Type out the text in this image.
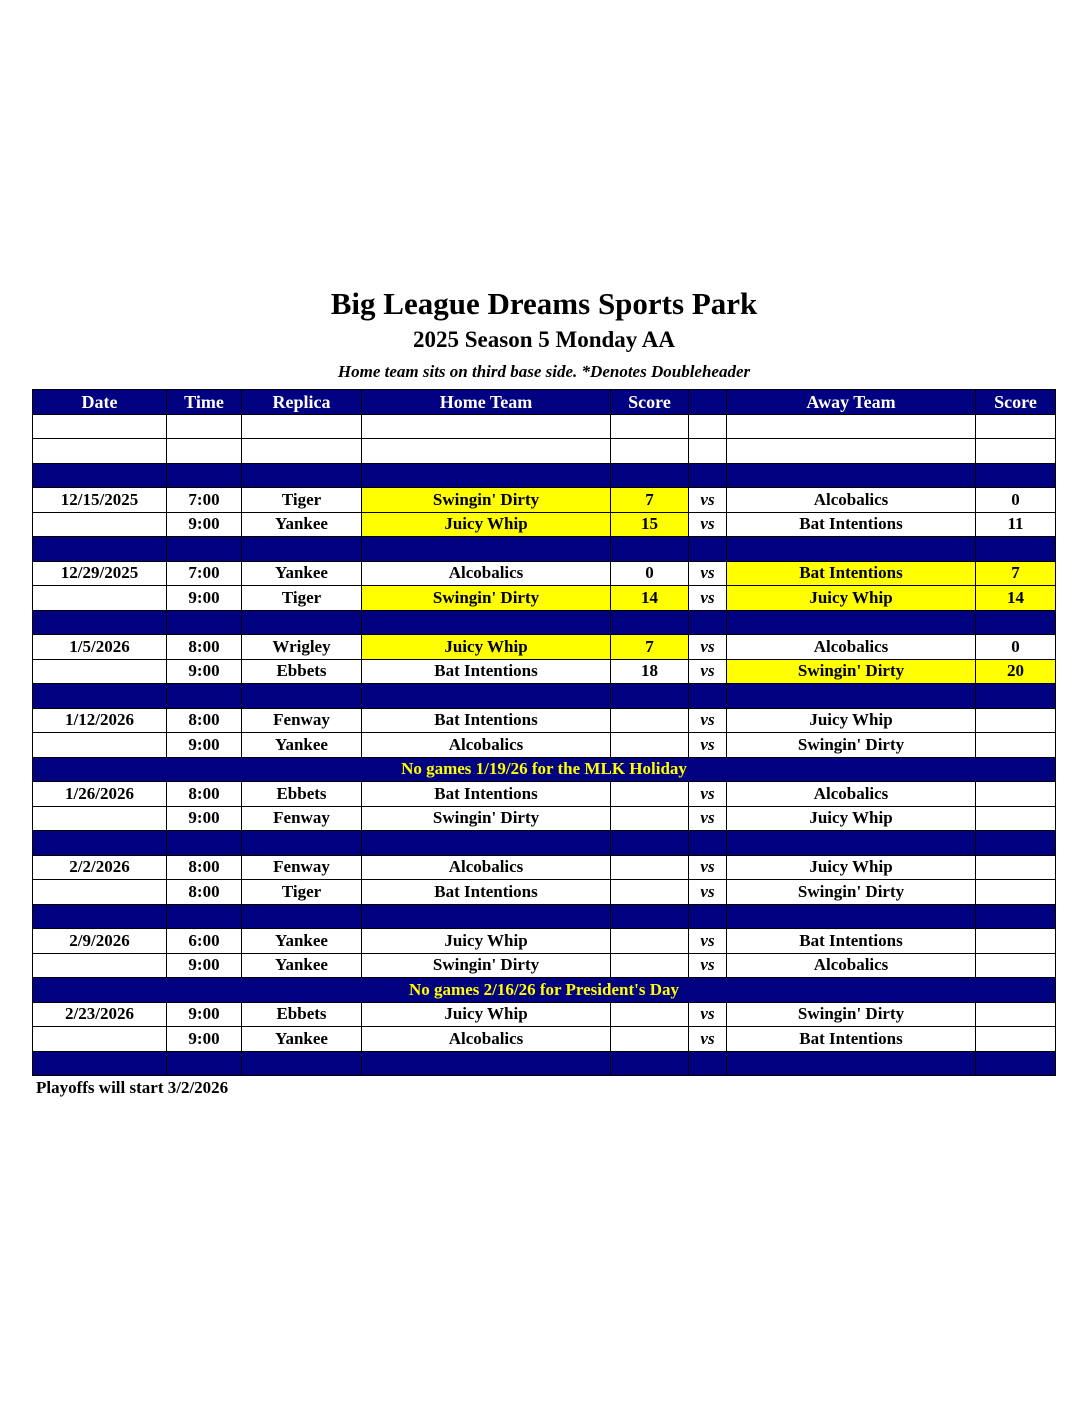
Big League Dreams Sports Park
2025 Season 5 Monday AA
Home team sits on third base side. *Denotes Doubleheader
Date	Time	Replica	Home Team	Score		Away Team	Score

12/15/2025	7:00	Tiger	Swingin' Dirty	7	vs	Alcobalics	0
	9:00	Yankee	Juicy Whip	15	vs	Bat Intentions	11

12/29/2025	7:00	Yankee	Alcobalics	0	vs	Bat Intentions	7
	9:00	Tiger	Swingin' Dirty	14	vs	Juicy Whip	14

1/5/2026	8:00	Wrigley	Juicy Whip	7	vs	Alcobalics	0
	9:00	Ebbets	Bat Intentions	18	vs	Swingin' Dirty	20

1/12/2026	8:00	Fenway	Bat Intentions		vs	Juicy Whip	
	9:00	Yankee	Alcobalics		vs	Swingin' Dirty	
No games 1/19/26 for the MLK Holiday							
1/26/2026	8:00	Ebbets	Bat Intentions		vs	Alcobalics	
	9:00	Fenway	Swingin' Dirty		vs	Juicy Whip	

2/2/2026	8:00	Fenway	Alcobalics		vs	Juicy Whip	
	8:00	Tiger	Bat Intentions		vs	Swingin' Dirty	

2/9/2026	6:00	Yankee	Juicy Whip		vs	Bat Intentions	
	9:00	Yankee	Swingin' Dirty		vs	Alcobalics	
No games 2/16/26 for President's Day							
2/23/2026	9:00	Ebbets	Juicy Whip		vs	Swingin' Dirty	
	9:00	Yankee	Alcobalics		vs	Bat Intentions	

Playoffs will start 3/2/2026
